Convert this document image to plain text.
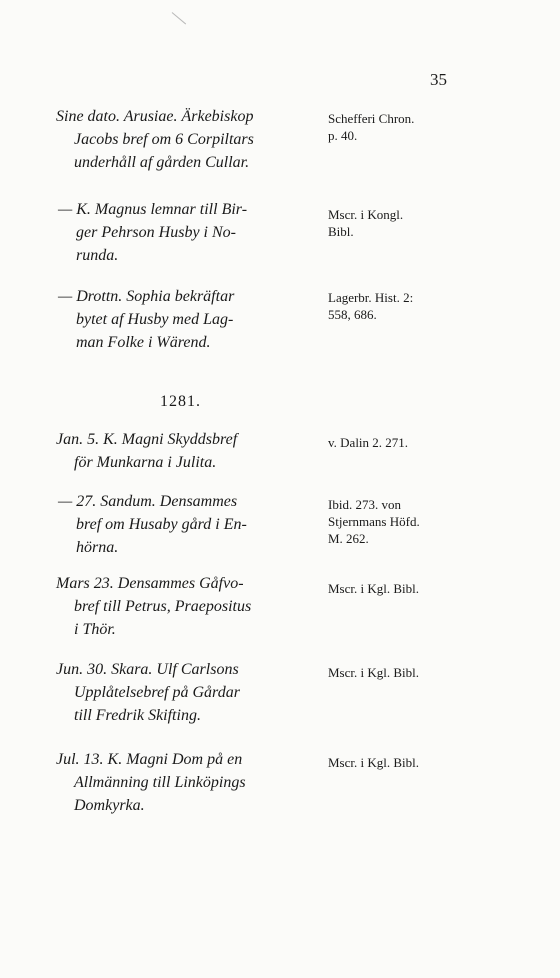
35
Sine dato. Arusiae. Ärkebiskop
Jacobs bref om 6 Corpiltars
underhåll af gården Cullar.
Schefferi Chron.
p. 40.
— K. Magnus lemnar till Bir-
ger Pehrson Husby i No-
runda.
Mscr. i Kongl.
Bibl.
— Drottn. Sophia bekräftar
bytet af Husby med Lag-
man Folke i Wärend.
Lagerbr. Hist. 2:
558, 686.
1281.
Jan. 5. K. Magni Skyddsbref
för Munkarna i Julita.
v. Dalin 2. 271.
— 27. Sandum. Densammes
bref om Husaby gård i En-
hörna.
Ibid. 273. von
Stjernmans Höfd.
M. 262.
Mars 23. Densammes Gåfvo-
bref till Petrus, Praepositus
i Thör.
Mscr. i Kgl. Bibl.
Jun. 30. Skara. Ulf Carlsons
Upplåtelsebref på Gårdar
till Fredrik Skifting.
Mscr. i Kgl. Bibl.
Jul. 13. K. Magni Dom på en
Allmänning till Linköpings
Domkyrka.
Mscr. i Kgl. Bibl.
